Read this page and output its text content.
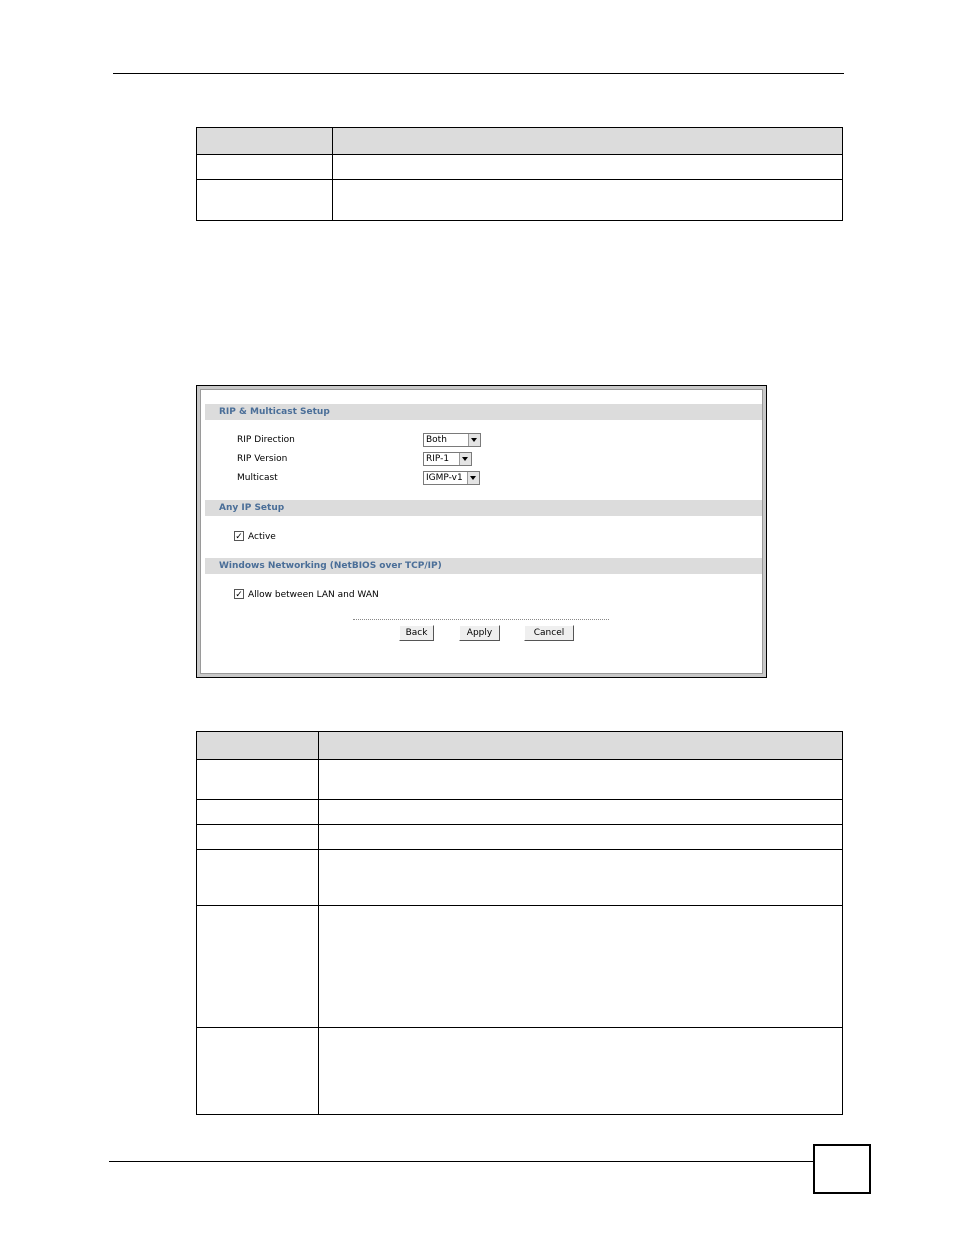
RIP & Multicast Setup
RIP Direction	Both
RIP Version	RIP-1
Multicast	IGMP-v1
Any IP Setup
✓ Active
Windows Networking (NetBIOS over TCP/IP)
✓ Allow between LAN and WAN
Back	Apply	Cancel
